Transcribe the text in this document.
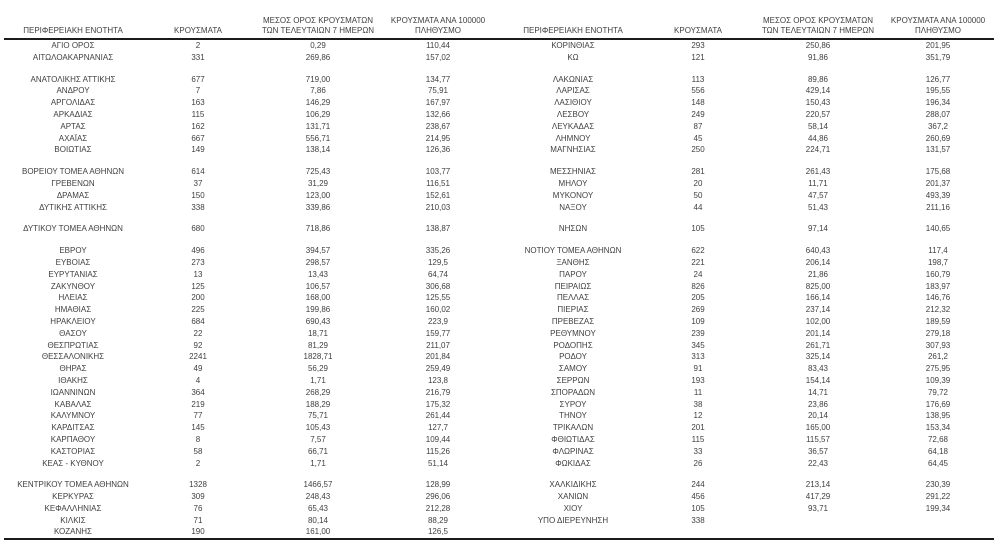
ΠΕΡΙΦΕΡΕΙΑΚΗ ΕΝΟΤΗΤΑ	ΚΡΟΥΣΜΑΤΑ	ΜΕΣΟΣ ΟΡΟΣ ΚΡΟΥΣΜΑΤΩΝ
ΤΩΝ ΤΕΛΕΥΤΑΙΩΝ 7 ΗΜΕΡΩΝ	ΚΡΟΥΣΜΑΤΑ ΑΝΑ 100000
ΠΛΗΘΥΣΜΟ		ΠΕΡΙΦΕΡΕΙΑΚΗ ΕΝΟΤΗΤΑ	ΚΡΟΥΣΜΑΤΑ	ΜΕΣΟΣ ΟΡΟΣ ΚΡΟΥΣΜΑΤΩΝ
ΤΩΝ ΤΕΛΕΥΤΑΙΩΝ 7 ΗΜΕΡΩΝ	ΚΡΟΥΣΜΑΤΑ ΑΝΑ 100000
ΠΛΗΘΥΣΜΟ

ΑΓΙΟ ΟΡΟΣ	2	0,29	110,44		ΚΟΡΙΝΘΙΑΣ	293	250,86	201,95
ΑΙΤΩΛΟΑΚΑΡΝΑΝΙΑΣ	331	269,86	157,02		ΚΩ	121	91,86	351,79

ΑΝΑΤΟΛΙΚΗΣ ΑΤΤΙΚΗΣ	677	719,00	134,77		ΛΑΚΩΝΙΑΣ	113	89,86	126,77
ΑΝΔΡΟΥ	7	7,86	75,91		ΛΑΡΙΣΑΣ	556	429,14	195,55
ΑΡΓΟΛΙΔΑΣ	163	146,29	167,97		ΛΑΣΙΘΙΟΥ	148	150,43	196,34
ΑΡΚΑΔΙΑΣ	115	106,29	132,66		ΛΕΣΒΟΥ	249	220,57	288,07
ΑΡΤΑΣ	162	131,71	238,67		ΛΕΥΚΑΔΑΣ	87	58,14	367,2
ΑΧΑΪΑΣ	667	556,71	214,95		ΛΗΜΝΟΥ	45	44,86	260,69
ΒΟΙΩΤΙΑΣ	149	138,14	126,36		ΜΑΓΝΗΣΙΑΣ	250	224,71	131,57

ΒΟΡΕΙΟΥ ΤΟΜΕΑ ΑΘΗΝΩΝ	614	725,43	103,77		ΜΕΣΣΗΝΙΑΣ	281	261,43	175,68
ΓΡΕΒΕΝΩΝ	37	31,29	116,51		ΜΗΛΟΥ	20	11,71	201,37
ΔΡΑΜΑΣ	150	123,00	152,61		ΜΥΚΟΝΟΥ	50	47,57	493,39
ΔΥΤΙΚΗΣ ΑΤΤΙΚΗΣ	338	339,86	210,03		ΝΑΞΟΥ	44	51,43	211,16

ΔΥΤΙΚΟΥ ΤΟΜΕΑ ΑΘΗΝΩΝ	680	718,86	138,87		ΝΗΣΩΝ	105	97,14	140,65

ΕΒΡΟΥ	496	394,57	335,26		ΝΟΤΙΟΥ ΤΟΜΕΑ ΑΘΗΝΩΝ	622	640,43	117,4
ΕΥΒΟΙΑΣ	273	298,57	129,5		ΞΑΝΘΗΣ	221	206,14	198,7
ΕΥΡΥΤΑΝΙΑΣ	13	13,43	64,74		ΠΑΡΟΥ	24	21,86	160,79
ΖΑΚΥΝΘΟΥ	125	106,57	306,68		ΠΕΙΡΑΙΩΣ	826	825,00	183,97
ΗΛΕΙΑΣ	200	168,00	125,55		ΠΕΛΛΑΣ	205	166,14	146,76
ΗΜΑΘΙΑΣ	225	199,86	160,02		ΠΙΕΡΙΑΣ	269	237,14	212,32
ΗΡΑΚΛΕΙΟΥ	684	690,43	223,9		ΠΡΕΒΕΖΑΣ	109	102,00	189,59
ΘΑΣΟΥ	22	18,71	159,77		ΡΕΘΥΜΝΟΥ	239	201,14	279,18
ΘΕΣΠΡΩΤΙΑΣ	92	81,29	211,07		ΡΟΔΟΠΗΣ	345	261,71	307,93
ΘΕΣΣΑΛΟΝΙΚΗΣ	2241	1828,71	201,84		ΡΟΔΟΥ	313	325,14	261,2
ΘΗΡΑΣ	49	56,29	259,49		ΣΑΜΟΥ	91	83,43	275,95
ΙΘΑΚΗΣ	4	1,71	123,8		ΣΕΡΡΩΝ	193	154,14	109,39
ΙΩΑΝΝΙΝΩΝ	364	268,29	216,79		ΣΠΟΡΑΔΩΝ	11	14,71	79,72
ΚΑΒΑΛΑΣ	219	188,29	175,32		ΣΥΡΟΥ	38	23,86	176,69
ΚΑΛΥΜΝΟΥ	77	75,71	261,44		ΤΗΝΟΥ	12	20,14	138,95
ΚΑΡΔΙΤΣΑΣ	145	105,43	127,7		ΤΡΙΚΑΛΩΝ	201	165,00	153,34
ΚΑΡΠΑΘΟΥ	8	7,57	109,44		ΦΘΙΩΤΙΔΑΣ	115	115,57	72,68
ΚΑΣΤΟΡΙΑΣ	58	66,71	115,26		ΦΛΩΡΙΝΑΣ	33	36,57	64,18
ΚΕΑΣ - ΚΥΘΝΟΥ	2	1,71	51,14		ΦΩΚΙΔΑΣ	26	22,43	64,45

ΚΕΝΤΡΙΚΟΥ ΤΟΜΕΑ ΑΘΗΝΩΝ	1328	1466,57	128,99		ΧΑΛΚΙΔΙΚΗΣ	244	213,14	230,39
ΚΕΡΚΥΡΑΣ	309	248,43	296,06		ΧΑΝΙΩΝ	456	417,29	291,22
ΚΕΦΑΛΛΗΝΙΑΣ	76	65,43	212,28		ΧΙΟΥ	105	93,71	199,34
ΚΙΛΚΙΣ	71	80,14	88,29		ΥΠΟ ΔΙΕΡΕΥΝΗΣΗ	338		
ΚΟΖΑΝΗΣ	190	161,00	126,5					
